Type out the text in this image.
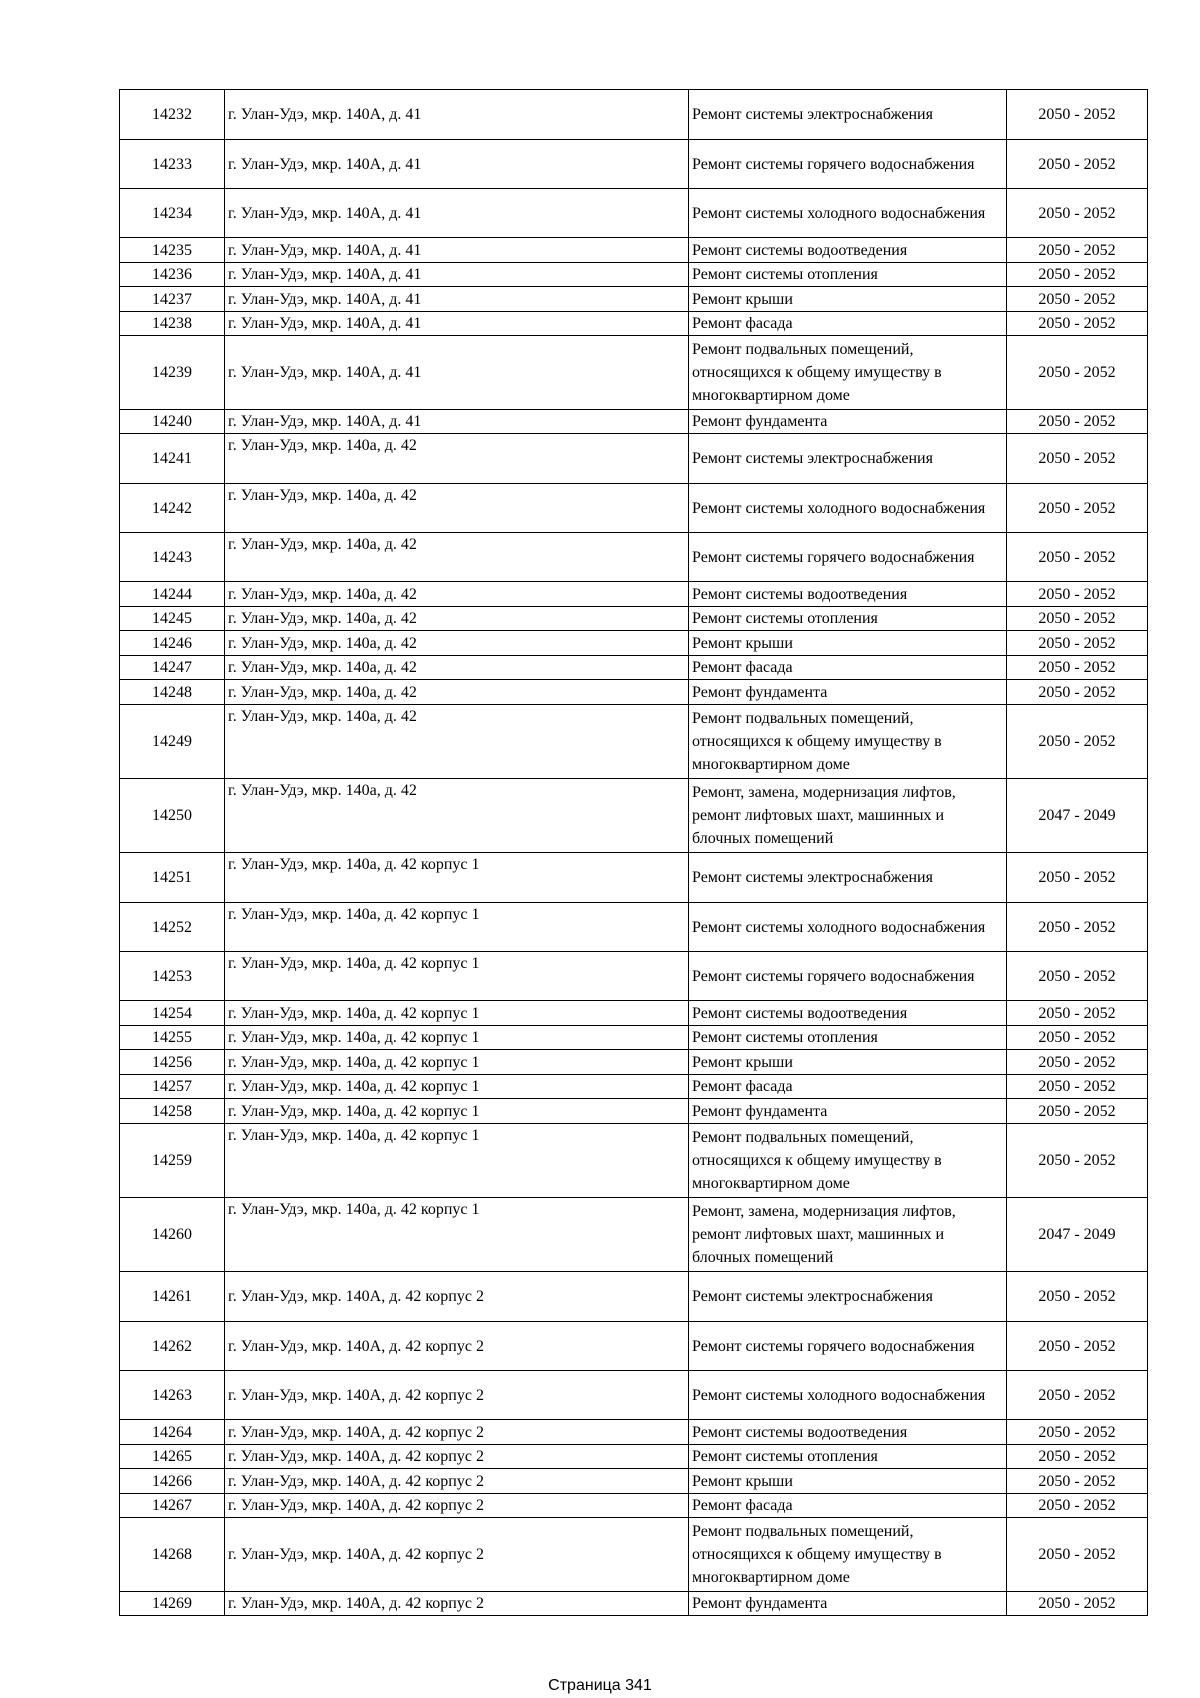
14232	г. Улан-Удэ, мкр. 140А, д. 41	Ремонт системы электроснабжения	2050 - 2052
14233	г. Улан-Удэ, мкр. 140А, д. 41	Ремонт системы горячего водоснабжения	2050 - 2052
14234	г. Улан-Удэ, мкр. 140А, д. 41	Ремонт системы холодного водоснабжения	2050 - 2052
14235	г. Улан-Удэ, мкр. 140А, д. 41	Ремонт системы водоотведения	2050 - 2052
14236	г. Улан-Удэ, мкр. 140А, д. 41	Ремонт системы отопления	2050 - 2052
14237	г. Улан-Удэ, мкр. 140А, д. 41	Ремонт крыши	2050 - 2052
14238	г. Улан-Удэ, мкр. 140А, д. 41	Ремонт фасада	2050 - 2052
14239	г. Улан-Удэ, мкр. 140А, д. 41	Ремонт подвальных помещений, относящихся к общему имуществу в многоквартирном доме	2050 - 2052
14240	г. Улан-Удэ, мкр. 140А, д. 41	Ремонт фундамента	2050 - 2052
14241	г. Улан-Удэ, мкр. 140а, д. 42	Ремонт системы электроснабжения	2050 - 2052
14242	г. Улан-Удэ, мкр. 140а, д. 42	Ремонт системы холодного водоснабжения	2050 - 2052
14243	г. Улан-Удэ, мкр. 140а, д. 42	Ремонт системы горячего водоснабжения	2050 - 2052
14244	г. Улан-Удэ, мкр. 140а, д. 42	Ремонт системы водоотведения	2050 - 2052
14245	г. Улан-Удэ, мкр. 140а, д. 42	Ремонт системы отопления	2050 - 2052
14246	г. Улан-Удэ, мкр. 140а, д. 42	Ремонт крыши	2050 - 2052
14247	г. Улан-Удэ, мкр. 140а, д. 42	Ремонт фасада	2050 - 2052
14248	г. Улан-Удэ, мкр. 140а, д. 42	Ремонт фундамента	2050 - 2052
14249	г. Улан-Удэ, мкр. 140а, д. 42	Ремонт подвальных помещений, относящихся к общему имуществу в многоквартирном доме	2050 - 2052
14250	г. Улан-Удэ, мкр. 140а, д. 42	Ремонт, замена, модернизация лифтов, ремонт лифтовых шахт, машинных и блочных помещений	2047 - 2049
14251	г. Улан-Удэ, мкр. 140а, д. 42 корпус 1	Ремонт системы электроснабжения	2050 - 2052
14252	г. Улан-Удэ, мкр. 140а, д. 42 корпус 1	Ремонт системы холодного водоснабжения	2050 - 2052
14253	г. Улан-Удэ, мкр. 140а, д. 42 корпус 1	Ремонт системы горячего водоснабжения	2050 - 2052
14254	г. Улан-Удэ, мкр. 140а, д. 42 корпус 1	Ремонт системы водоотведения	2050 - 2052
14255	г. Улан-Удэ, мкр. 140а, д. 42 корпус 1	Ремонт системы отопления	2050 - 2052
14256	г. Улан-Удэ, мкр. 140а, д. 42 корпус 1	Ремонт крыши	2050 - 2052
14257	г. Улан-Удэ, мкр. 140а, д. 42 корпус 1	Ремонт фасада	2050 - 2052
14258	г. Улан-Удэ, мкр. 140а, д. 42 корпус 1	Ремонт фундамента	2050 - 2052
14259	г. Улан-Удэ, мкр. 140а, д. 42 корпус 1	Ремонт подвальных помещений, относящихся к общему имуществу в многоквартирном доме	2050 - 2052
14260	г. Улан-Удэ, мкр. 140а, д. 42 корпус 1	Ремонт, замена, модернизация лифтов, ремонт лифтовых шахт, машинных и блочных помещений	2047 - 2049
14261	г. Улан-Удэ, мкр. 140А, д. 42 корпус 2	Ремонт системы электроснабжения	2050 - 2052
14262	г. Улан-Удэ, мкр. 140А, д. 42 корпус 2	Ремонт системы горячего водоснабжения	2050 - 2052
14263	г. Улан-Удэ, мкр. 140А, д. 42 корпус 2	Ремонт системы холодного водоснабжения	2050 - 2052
14264	г. Улан-Удэ, мкр. 140А, д. 42 корпус 2	Ремонт системы водоотведения	2050 - 2052
14265	г. Улан-Удэ, мкр. 140А, д. 42 корпус 2	Ремонт системы отопления	2050 - 2052
14266	г. Улан-Удэ, мкр. 140А, д. 42 корпус 2	Ремонт крыши	2050 - 2052
14267	г. Улан-Удэ, мкр. 140А, д. 42 корпус 2	Ремонт фасада	2050 - 2052
14268	г. Улан-Удэ, мкр. 140А, д. 42 корпус 2	Ремонт подвальных помещений, относящихся к общему имуществу в многоквартирном доме	2050 - 2052
14269	г. Улан-Удэ, мкр. 140А, д. 42 корпус 2	Ремонт фундамента	2050 - 2052
Страница 341
